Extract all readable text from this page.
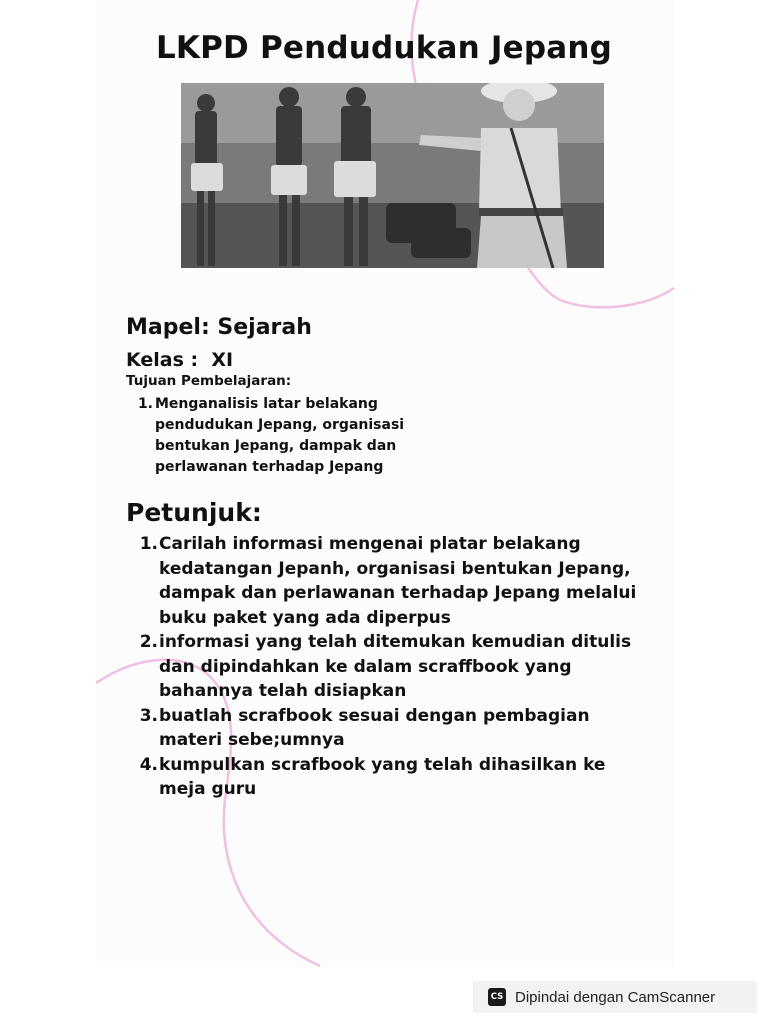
LKPD Pendudukan Jepang
Mapel: Sejarah
Kelas :  XI

Tujuan Pembelajaran:

1. Menganalisis latar belakang pendudukan Jepang, organisasi bentukan Jepang, dampak dan perlawanan terhadap Jepang
Petunjuk:
1. Carilah informasi mengenai platar belakang kedatangan Jepanh, organisasi bentukan Jepang, dampak dan perlawanan terhadap Jepang melalui buku paket yang ada diperpus
2. informasi yang telah ditemukan kemudian ditulis dan dipindahkan ke dalam scraffbook yang bahannya telah disiapkan
3. buatlah scrafbook sesuai dengan pembagian materi sebe;umnya
4. kumpulkan scrafbook yang telah dihasilkan ke meja guru
CS Dipindai dengan CamScanner
